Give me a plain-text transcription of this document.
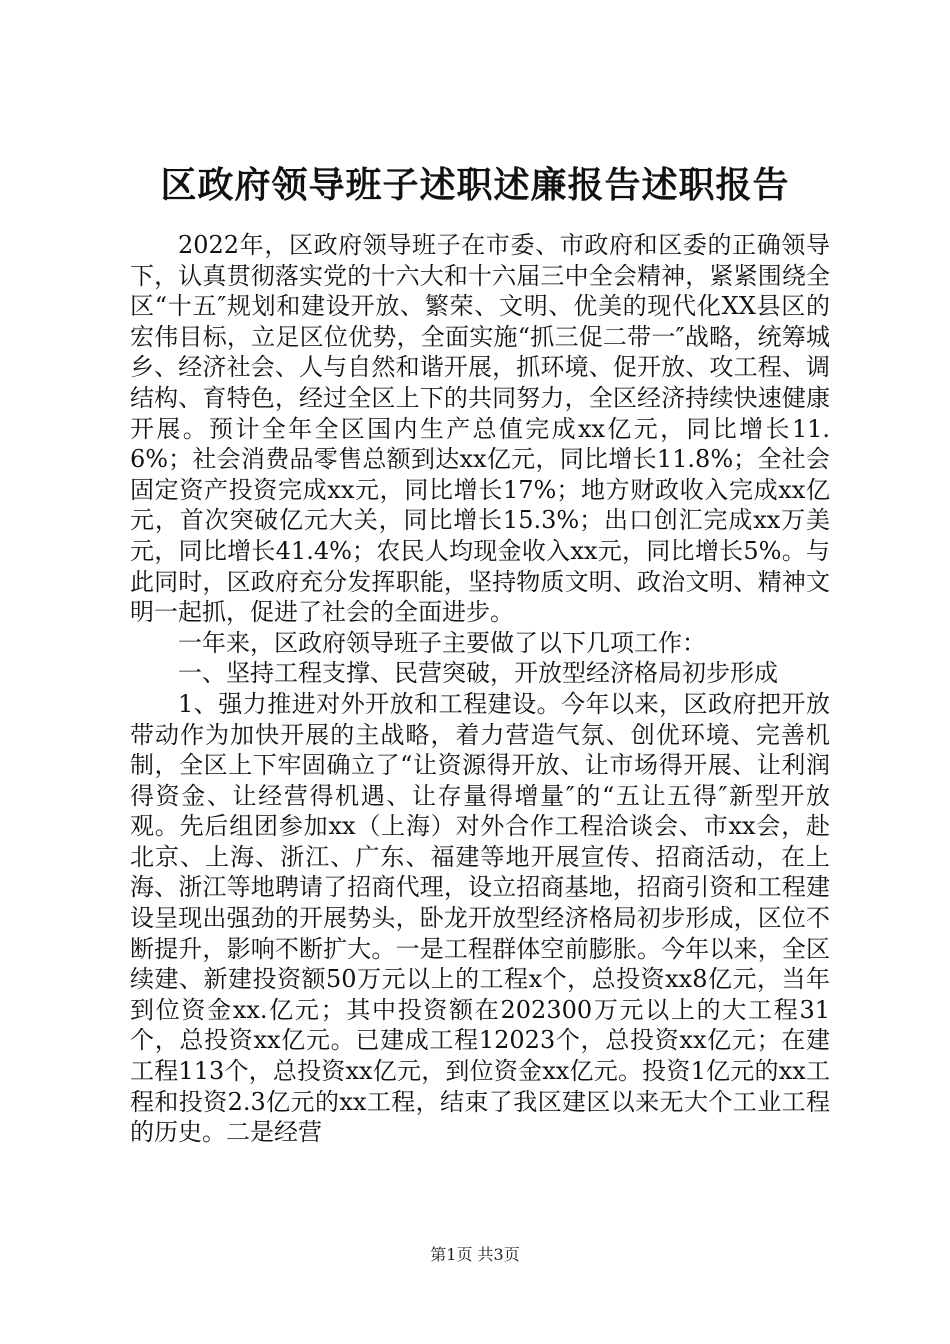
区政府领导班子述职述廉报告述职报告

2022年，区政府领导班子在市委、市政府和区委的正确领导下，认真贯彻落实党的十六大和十六届三中全会精神，紧紧围绕全区“十五″规划和建设开放、繁荣、文明、优美的现代化XX县区的宏伟目标，立足区位优势，全面实施“抓三促二带一″战略，统筹城乡、经济社会、人与自然和谐开展，抓环境、促开放、攻工程、调结构、育特色，经过全区上下的共同努力，全区经济持续快速健康开展。预计全年全区国内生产总值完成xx亿元，同比增长11.6%；社会消费品零售总额到达xx亿元，同比增长11.8%；全社会固定资产投资完成xx元，同比增长17%；地方财政收入完成xx亿元，首次突破亿元大关，同比增长15.3%；出口创汇完成xx万美元，同比增长41.4%；农民人均现金收入xx元，同比增长5%。与此同时，区政府充分发挥职能，坚持物质文明、政治文明、精神文明一起抓，促进了社会的全面进步。

一年来，区政府领导班子主要做了以下几项工作：

一、坚持工程支撑、民营突破，开放型经济格局初步形成

1、强力推进对外开放和工程建设。今年以来，区政府把开放带动作为加快开展的主战略，着力营造气氛、创优环境、完善机制，全区上下牢固确立了“让资源得开放、让市场得开展、让利润得资金、让经营得机遇、让存量得增量″的“五让五得″新型开放观。先后组团参加xx（上海）对外合作工程洽谈会、市xx会，赴北京、上海、浙江、广东、福建等地开展宣传、招商活动，在上海、浙江等地聘请了招商代理，设立招商基地，招商引资和工程建设呈现出强劲的开展势头，卧龙开放型经济格局初步形成，区位不断提升，影响不断扩大。一是工程群体空前膨胀。今年以来，全区续建、新建投资额50万元以上的工程x个，总投资xx8亿元，当年到位资金xx.亿元；其中投资额在202300万元以上的大工程31个，总投资xx亿元。已建成工程12023个，总投资xx亿元；在建工程113个，总投资xx亿元，到位资金xx亿元。投资1亿元的xx工程和投资2.3亿元的xx工程，结束了我区建区以来无大个工业工程的历史。二是经营

第1页 共3页
